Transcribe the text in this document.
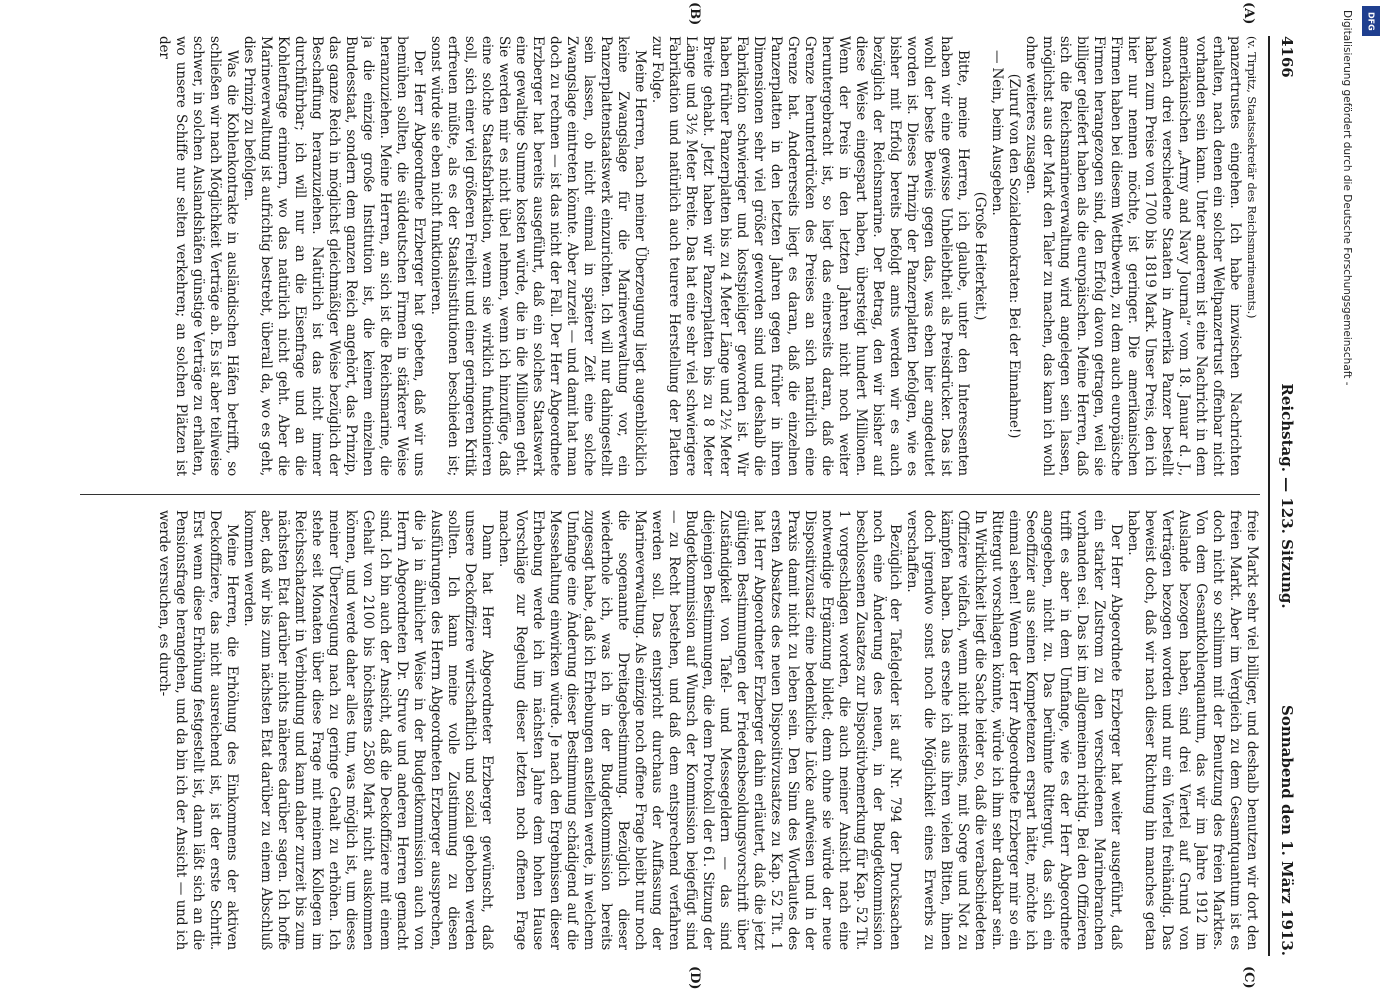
4166
Reichstag. — 123. Sitzung.
Sonnabend den 1. März 1913.

(v. Tirpitz, Staatssekretär des Reichsmarineamts.)

panzertrustes eingehen. Ich habe inzwischen Nachrichten erhalten, nach denen ein solcher Weltpanzertrust offenbar nicht vorhanden sein kann. Unter anderem ist eine Nachricht in dem amerikanischen „Army and Navy Journal“ vom 18. Januar d. J., wonach drei verschiedene Staaten in Amerika Panzer bestellt haben zum Preise von 1700 bis 1819 Mark. Unser Preis, den ich hier nur nennen möchte, ist geringer. Die amerikanischen Firmen haben bei diesem Wettbewerb, zu dem auch europäische Firmen herangezogen sind, den Erfolg davon getragen, weil sie billiger geliefert haben als die europäischen. Meine Herren, daß sich die Reichsmarineverwaltung wird angelegen sein lassen, möglichst aus der Mark den Taler zu machen, das kann ich wohl ohne weiteres zusagen.

(Zuruf von den Sozialdemokraten: Bei der Einnahme!)

— Nein, beim Ausgeben.

(Große Heiterkeit.)

Bitte, meine Herren, ich glaube, unter den Interessenten haben wir eine gewisse Unbeliebtheit als Preisdrücker. Das ist wohl der beste Beweis gegen das, was eben hier angedeutet worden ist. Dieses Prinzip der Panzerplatten befolgen, wie es bisher mit Erfolg bereits befolgt amts werden wir es auch bezüglich der Reichsmarine. Der Betrag, den wir bisher auf diese Weise eingespart haben, übersteigt hundert Millionen. Wenn der Preis in den letzten Jahren nicht noch weiter heruntergebracht ist, so liegt das einerseits daran, daß die Grenze herunterdrücken des Preises an sich natürlich eine Grenze hat. Andererseits liegt es daran, daß die einzelnen Panzerplatten in den letzten Jahren gegen früher in ihren Dimensionen sehr viel größer geworden sind und deshalb die Fabrikation schwieriger und kostspieliger geworden ist. Wir haben früher Panzerplatten bis zu 4 Meter Länge und 2½ Meter Breite gehabt. Jetzt haben wir Panzerplatten bis zu 8 Meter Länge und 3½ Meter Breite. Das hat eine sehr viel schwierigere Fabrikation und natürlich auch teurere Herstellung der Platten zur Folge.

Meine Herren, nach meiner Überzeugung liegt augenblicklich keine Zwangslage für die Marineverwaltung vor, ein Panzerplattenstaatswerk einzurichten. Ich will nur dahingestellt sein lassen, ob nicht einmal in späterer Zeit eine solche Zwangslage eintreten könnte. Aber zurzeit — und damit hat man doch zu rechnen — ist das nicht der Fall. Der Herr Abgeordnete Erzberger hat bereits ausgeführt, daß ein solches Staatswerk eine gewaltige Summe kosten würde, die in die Millionen geht. Sie werden mir es nicht übel nehmen, wenn ich hinzufüge, daß eine solche Staatsfabrikation, wenn sie wirklich funktionieren soll, sich einer viel größeren Freiheit und einer geringeren Kritik erfreuen müßte, als es der Staatsinstitutionen beschieden ist; sonst würde sie eben nicht funktionieren.

Der Herr Abgeordnete Erzberger hat gebeten, daß wir uns bemühen sollten, die süddeutschen Firmen in stärkerer Weise heranzuziehen. Meine Herren, an sich ist die Reichsmarine, die ja die einzige große Institution ist, die keinem einzelnen Bundesstaat, sondern dem ganzen Reich angehört, das Prinzip, das ganze Reich in möglichst gleichmäßiger Weise bezüglich der Beschaffung heranzuziehen. Natürlich ist das nicht immer durchführbar; ich will nur an die Eisenfrage und an die Kohlenfrage erinnern, wo das natürlich nicht geht. Aber die Marineverwaltung ist aufrichtig bestrebt, überall da, wo es geht, dies Prinzip zu befolgen.

Was die Kohlenkontrakte in ausländischen Häfen betrifft, so schließen wir nach Möglichkeit Verträge ab. Es ist aber teilweise schwer, in solchen Auslandshäfen günstige Verträge zu erhalten, wo unsere Schiffe nur selten verkehren; an solchen Plätzen ist der

freie Markt sehr viel billiger, und deshalb benutzen wir dort den freien Markt. Aber im Vergleich zu dem Gesamtquantum ist es doch nicht so schlimm mit der Benutzung des freien Marktes. Von dem Gesamtkohlenquantum, das wir im Jahre 1912 im Auslande bezogen haben, sind drei Viertel auf Grund von Verträgen bezogen worden und nur ein Viertel freihändig. Das beweist doch, daß wir nach dieser Richtung hin manches getan haben.

Der Herr Abgeordnete Erzberger hat weiter ausgeführt, daß ein starker Zustrom zu den verschiedenen Marinebranchen vorhanden sei. Das ist im allgemeinen richtig. Bei den Offizieren trifft es aber in dem Umfange, wie es der Herr Abgeordnete angegeben, nicht zu. Das berühmte Rittergut, das sich ein Seeoffizier aus seinen Kompetenzen erspart hätte, möchte ich einmal sehen! Wenn der Herr Abgeordnete Erzberger mir so ein Rittergut vorschlagen könnte, würde ich ihm sehr dankbar sein. In Wirklichkeit liegt die Sache leider so, daß die verabschiedeten Offiziere vielfach, wenn nicht meistens, mit Sorge und Not zu kämpfen haben. Das ersehe ich aus ihren vielen Bitten, ihnen doch irgendwo sonst noch die Möglichkeit eines Erwerbs zu verschaffen.

Bezüglich der Tafelgelder ist auf Nr. 794 der Drucksachen noch eine Änderung des neuen, in der Budgetkommission beschlossenen Zusatzes zur Dispositivbemerkung für Kap. 52 Tit. 1 vorgeschlagen worden, die auch meiner Ansicht nach eine notwendige Ergänzung bildet; denn ohne sie würde der neue Dispositivzusatz eine bedenkliche Lücke aufweisen und in der Praxis damit nicht zu leben sein. Den Sinn des Wortlautes des ersten Absatzes des neuen Dispositivzusatzes zu Kap. 52 Tit. 1 hat Herr Abgeordneter Erzberger dahin erläutert, daß die jetzt gültigen Bestimmungen der Friedensbesoldungsvorschrift über Zuständigkeit von Tafel- und Messegeldern — das sind diejenigen Bestimmungen, die dem Protokoll der 61. Sitzung der Budgetkommission auf Wunsch der Kommission beigefügt sind — zu Recht bestehen, und daß dem entsprechend verfahren werden soll. Das entspricht durchaus der Auffassung der Marineverwaltung. Als einzige noch offene Frage bleibt nur noch die sogenannte Dreitagebestimmung. Bezüglich dieser wiederhole ich, was ich in der Budgetkommission bereits zugesagt habe, daß ich Erhebungen anstellen werde, in welchem Umfange eine Änderung dieser Bestimmung schädigend auf die Messehaltung einwirken würde. Je nach den Ergebnissen dieser Erhebung werde ich im nächsten Jahre dem hohen Hause Vorschläge zur Regelung dieser letzten noch offenen Frage machen.

Dann hat Herr Abgeordneter Erzberger gewünscht, daß unsere Deckoffiziere wirtschaftlich und sozial gehoben werden sollten. Ich kann meine volle Zustimmung zu diesen Ausführungen des Herrn Abgeordneten Erzberger aussprechen, die ja in ähnlicher Weise in der Budgetkommission auch von Herrn Abgeordneten Dr. Struve und anderen Herren gemacht sind. Ich bin auch der Ansicht, daß die Deckoffiziere mit einem Gehalt von 2100 bis höchstens 2580 Mark nicht auskommen können, und werde daher alles tun, was möglich ist, um dieses meiner Überzeugung nach zu geringe Gehalt zu erhöhen. Ich stehe seit Monaten über diese Frage mit meinem Kollegen im Reichsschatzamt in Verbindung und kann daher zurzeit bis zum nächsten Etat darüber nichts näheres darüber sagen. Ich hoffe aber, daß wir bis zum nächsten Etat darüber zu einem Abschluß kommen werden.

Meine Herren, die Erhöhung des Einkommens der aktiven Deckoffiziere, das nicht ausreichend ist, ist der erste Schritt. Erst wenn diese Erhöhung festgestellt ist, dann läßt sich an die Pensionsfrage herangehen, und da bin ich der Ansicht — und ich werde versuchen, es durch-

(A)
(B)
(C)
(D)
Digitalisierung gefördert durch die Deutsche Forschungsgemeinschaft -	DFG
